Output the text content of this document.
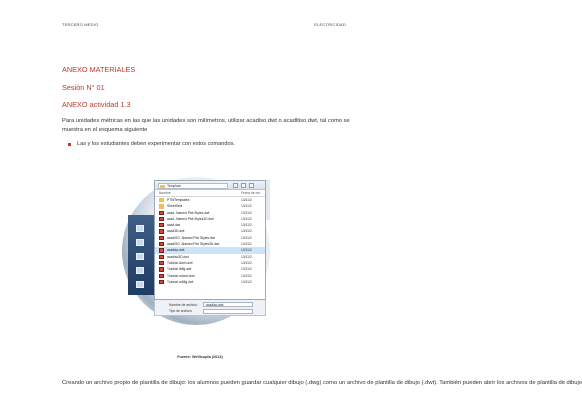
TERCERO MEDIO	ELECTRICIDAD
ANEXO MATERIALES
Sesión N° 01
ANEXO actividad 1.3

Para unidades métricas en las que las unidades son milímetros, utilizar acadiso.dwt o acadltiso.dwt, tal como se muestra en el esquema siguiente

Las y los estudiantes deben experimentar con estos comandos.
Template
Nombre	Fecha de mo
PTWTemplates	13/11/2
SheetSets	13/11/2
acad -Named Plot Styles.dwt	13/11/2
acad -Named Plot Styles3D.dwt	13/11/2
acad.dwt	13/11/2
acad3D.dwt	13/11/2
acadISO -Named Plot Styles.dwt	13/11/2
acadISO -Named Plot Styles3D.dwt	13/11/2
acadiso.dwt	13/11/2
acadiso3D.dwt	13/11/2
Tutorial-iArch.dwt	13/11/2
Tutorial-iMfg.dwt	13/11/2
Tutorial-mArch.dwt	13/11/2
Tutorial-mMfg.dwt	13/11/2
Nombre de archivo:	acadiso.dwt
Tipo de archivo:
Fuente: Wellicopia (2014)

Creando un archivo propio de plantilla de dibujo: los alumnos pueden guardar cualquier dibujo (.dwg) como un archivo de plantilla de dibujo (.dwt). También pueden abrir los archivos de plantilla de dibujo
